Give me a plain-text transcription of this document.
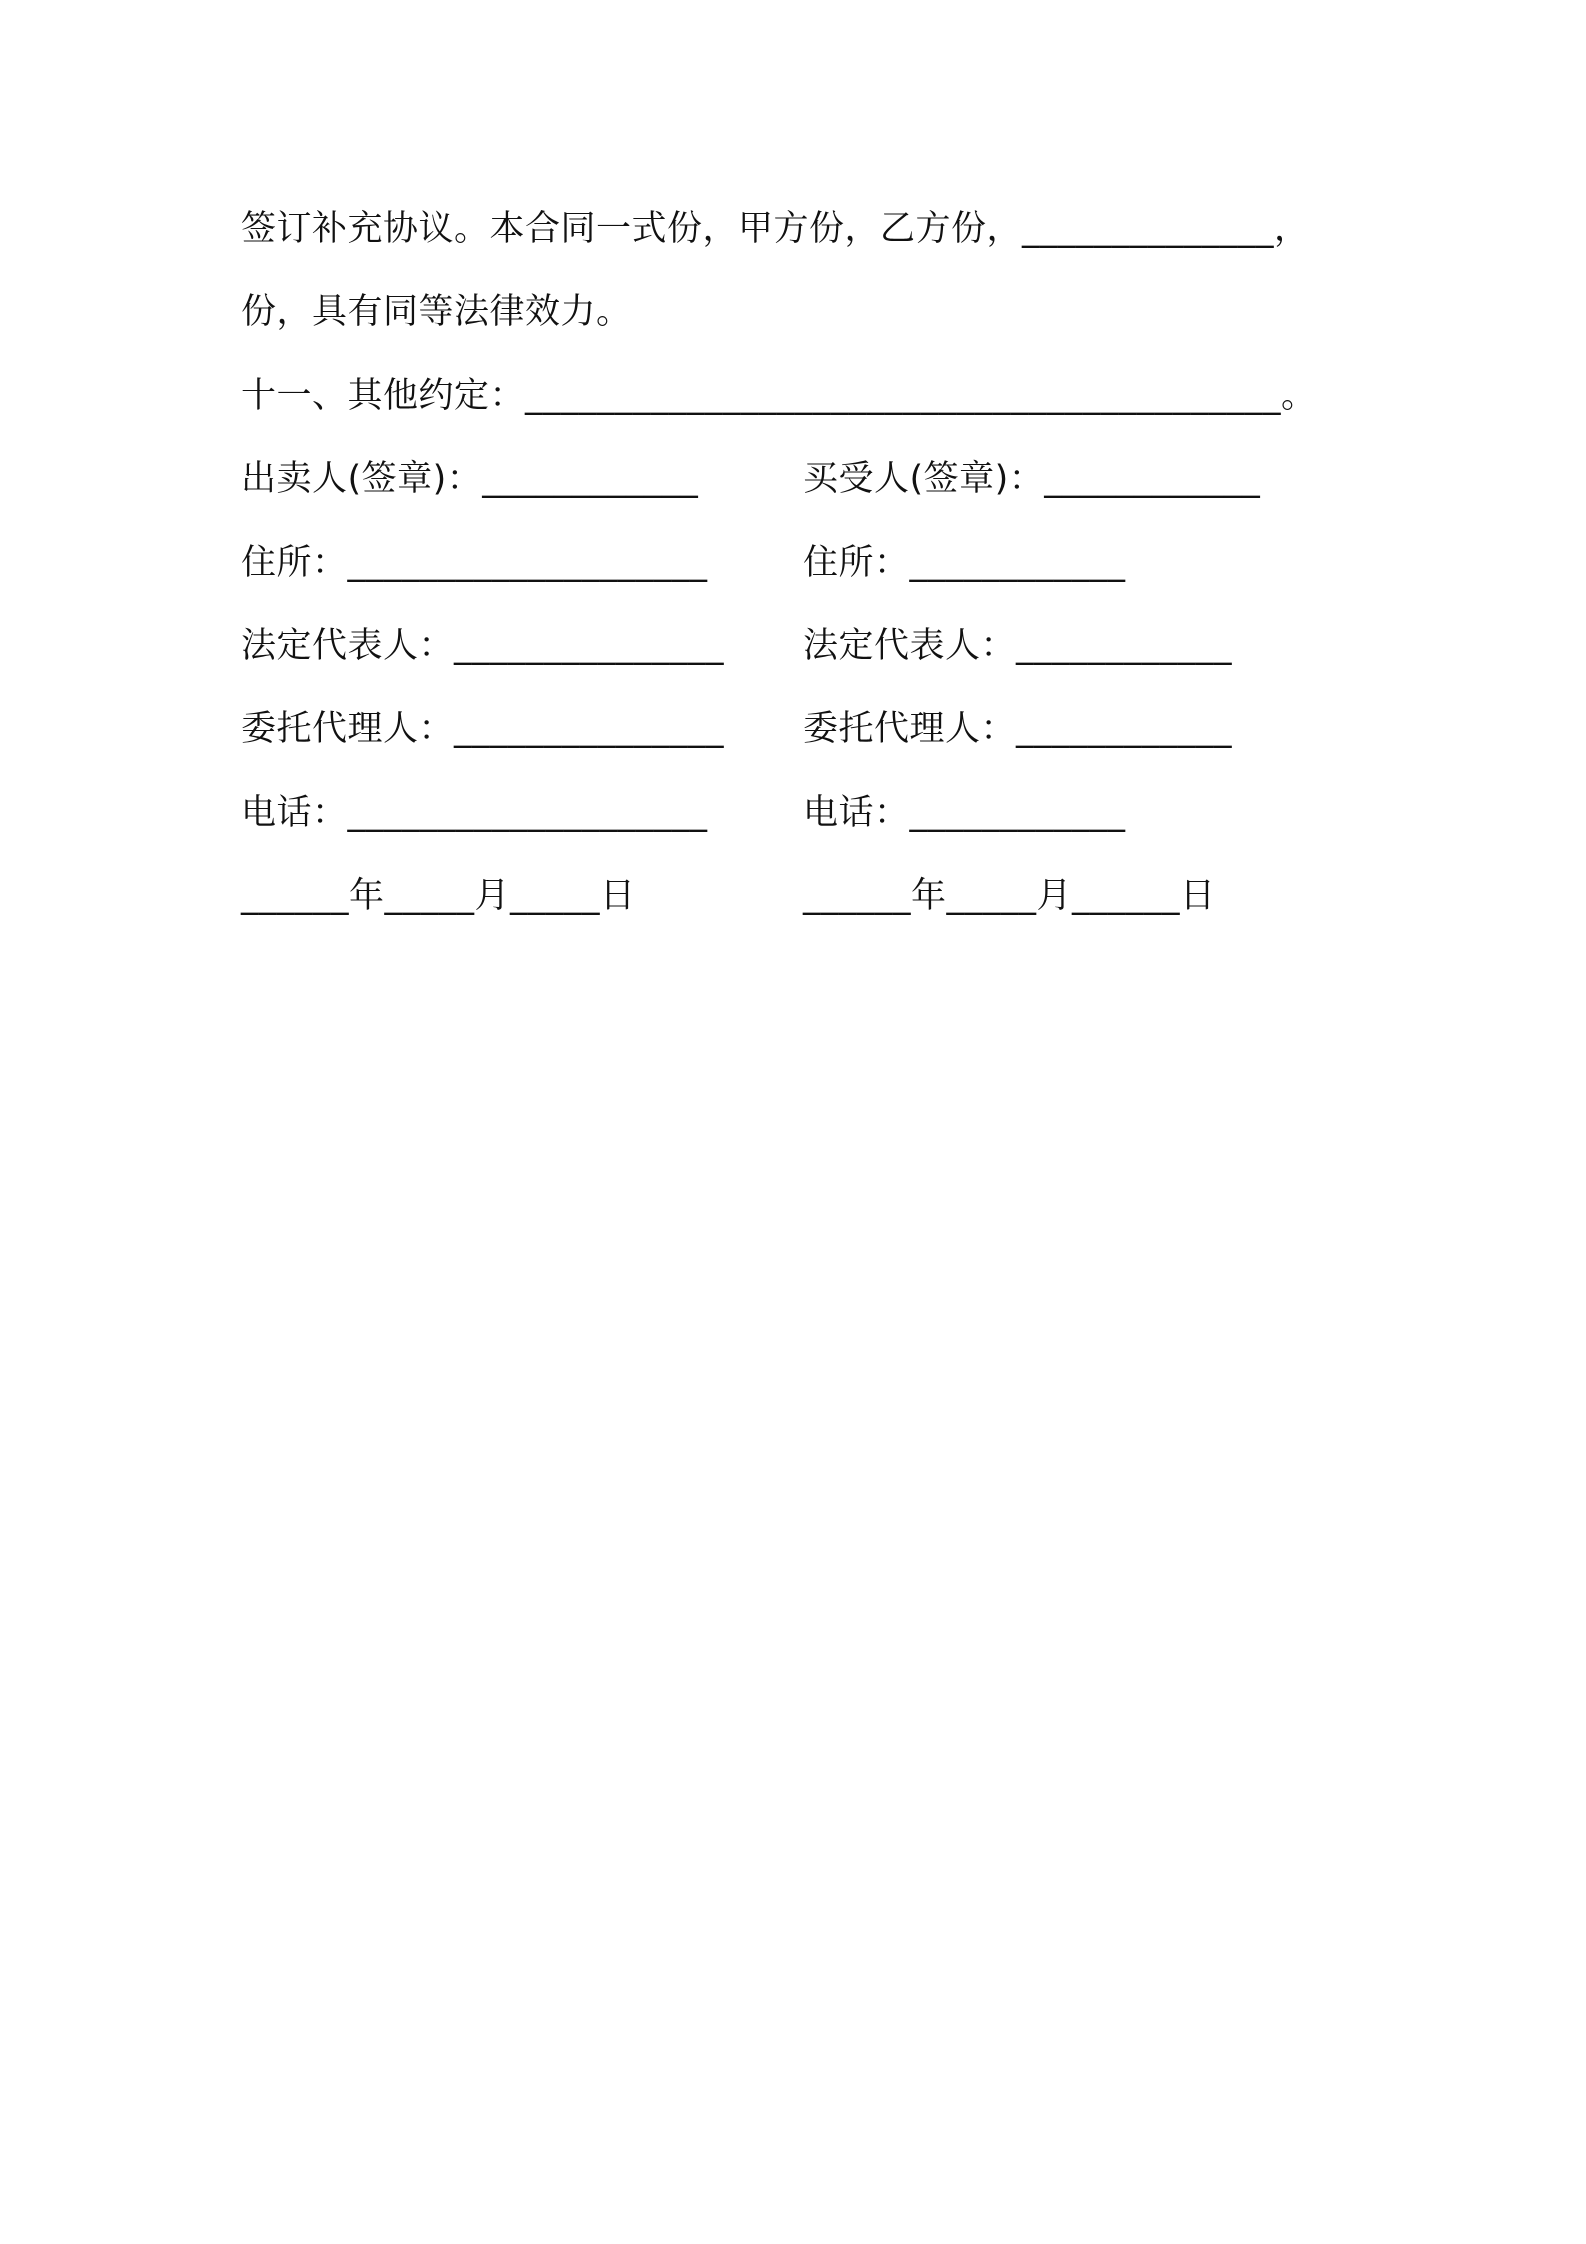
签订补充协议。本合同一式份，甲方份，乙方份，______________，
份，具有同等法律效力。
十一、其他约定：__________________________________________。
出卖人(签章)：____________
住所：____________________
法定代表人：_______________
委托代理人：_______________
电话：____________________
______年_____月_____日
买受人(签章)：____________
住所：____________
法定代表人：____________
委托代理人：____________
电话：____________
______年_____月______日
